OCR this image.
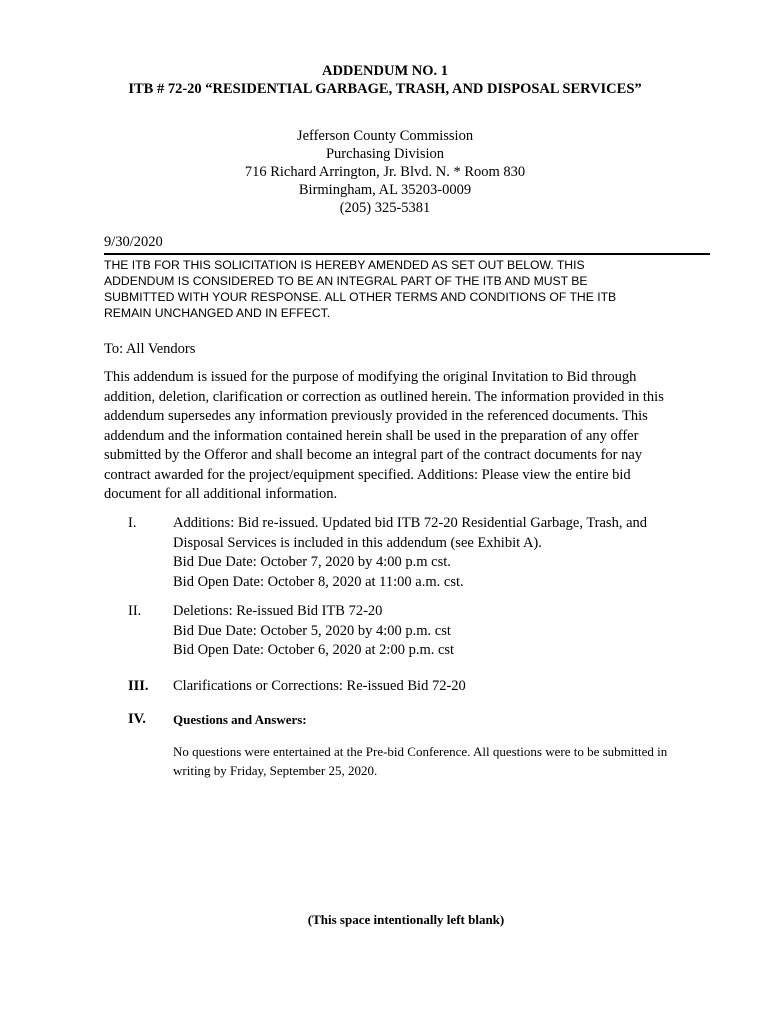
ADDENDUM NO. 1
ITB # 72-20 “RESIDENTIAL GARBAGE, TRASH, AND DISPOSAL SERVICES”
Jefferson County Commission
Purchasing Division
716 Richard Arrington, Jr. Blvd. N. * Room 830
Birmingham, AL 35203-0009
(205) 325-5381
9/30/2020
THE ITB FOR THIS SOLICITATION IS HEREBY AMENDED AS SET OUT BELOW. THIS
ADDENDUM IS CONSIDERED TO BE AN INTEGRAL PART OF THE ITB AND MUST BE
SUBMITTED WITH YOUR RESPONSE. ALL OTHER TERMS AND CONDITIONS OF THE ITB
REMAIN UNCHANGED AND IN EFFECT.
To: All Vendors
This addendum is issued for the purpose of modifying the original Invitation to Bid through
addition, deletion, clarification or correction as outlined herein. The information provided in this
addendum supersedes any information previously provided in the referenced documents. This
addendum and the information contained herein shall be used in the preparation of any offer
submitted by the Offeror and shall become an integral part of the contract documents for nay
contract awarded for the project/equipment specified. Additions: Please view the entire bid
document for all additional information.
I.	Additions: Bid re-issued. Updated bid ITB 72-20 Residential Garbage, Trash, and
Disposal Services is included in this addendum (see Exhibit A).
Bid Due Date: October 7, 2020 by 4:00 p.m cst.
Bid Open Date: October 8, 2020 at 11:00 a.m. cst.
II. Deletions: Re-issued Bid ITB 72-20
Bid Due Date: October 5, 2020 by 4:00 p.m. cst
Bid Open Date: October 6, 2020 at 2:00 p.m. cst
III. Clarifications or Corrections: Re-issued Bid 72-20
IV. Questions and Answers:
No questions were entertained at the Pre-bid Conference. All questions were to be submitted in
writing by Friday, September 25, 2020.
(This space intentionally left blank)
